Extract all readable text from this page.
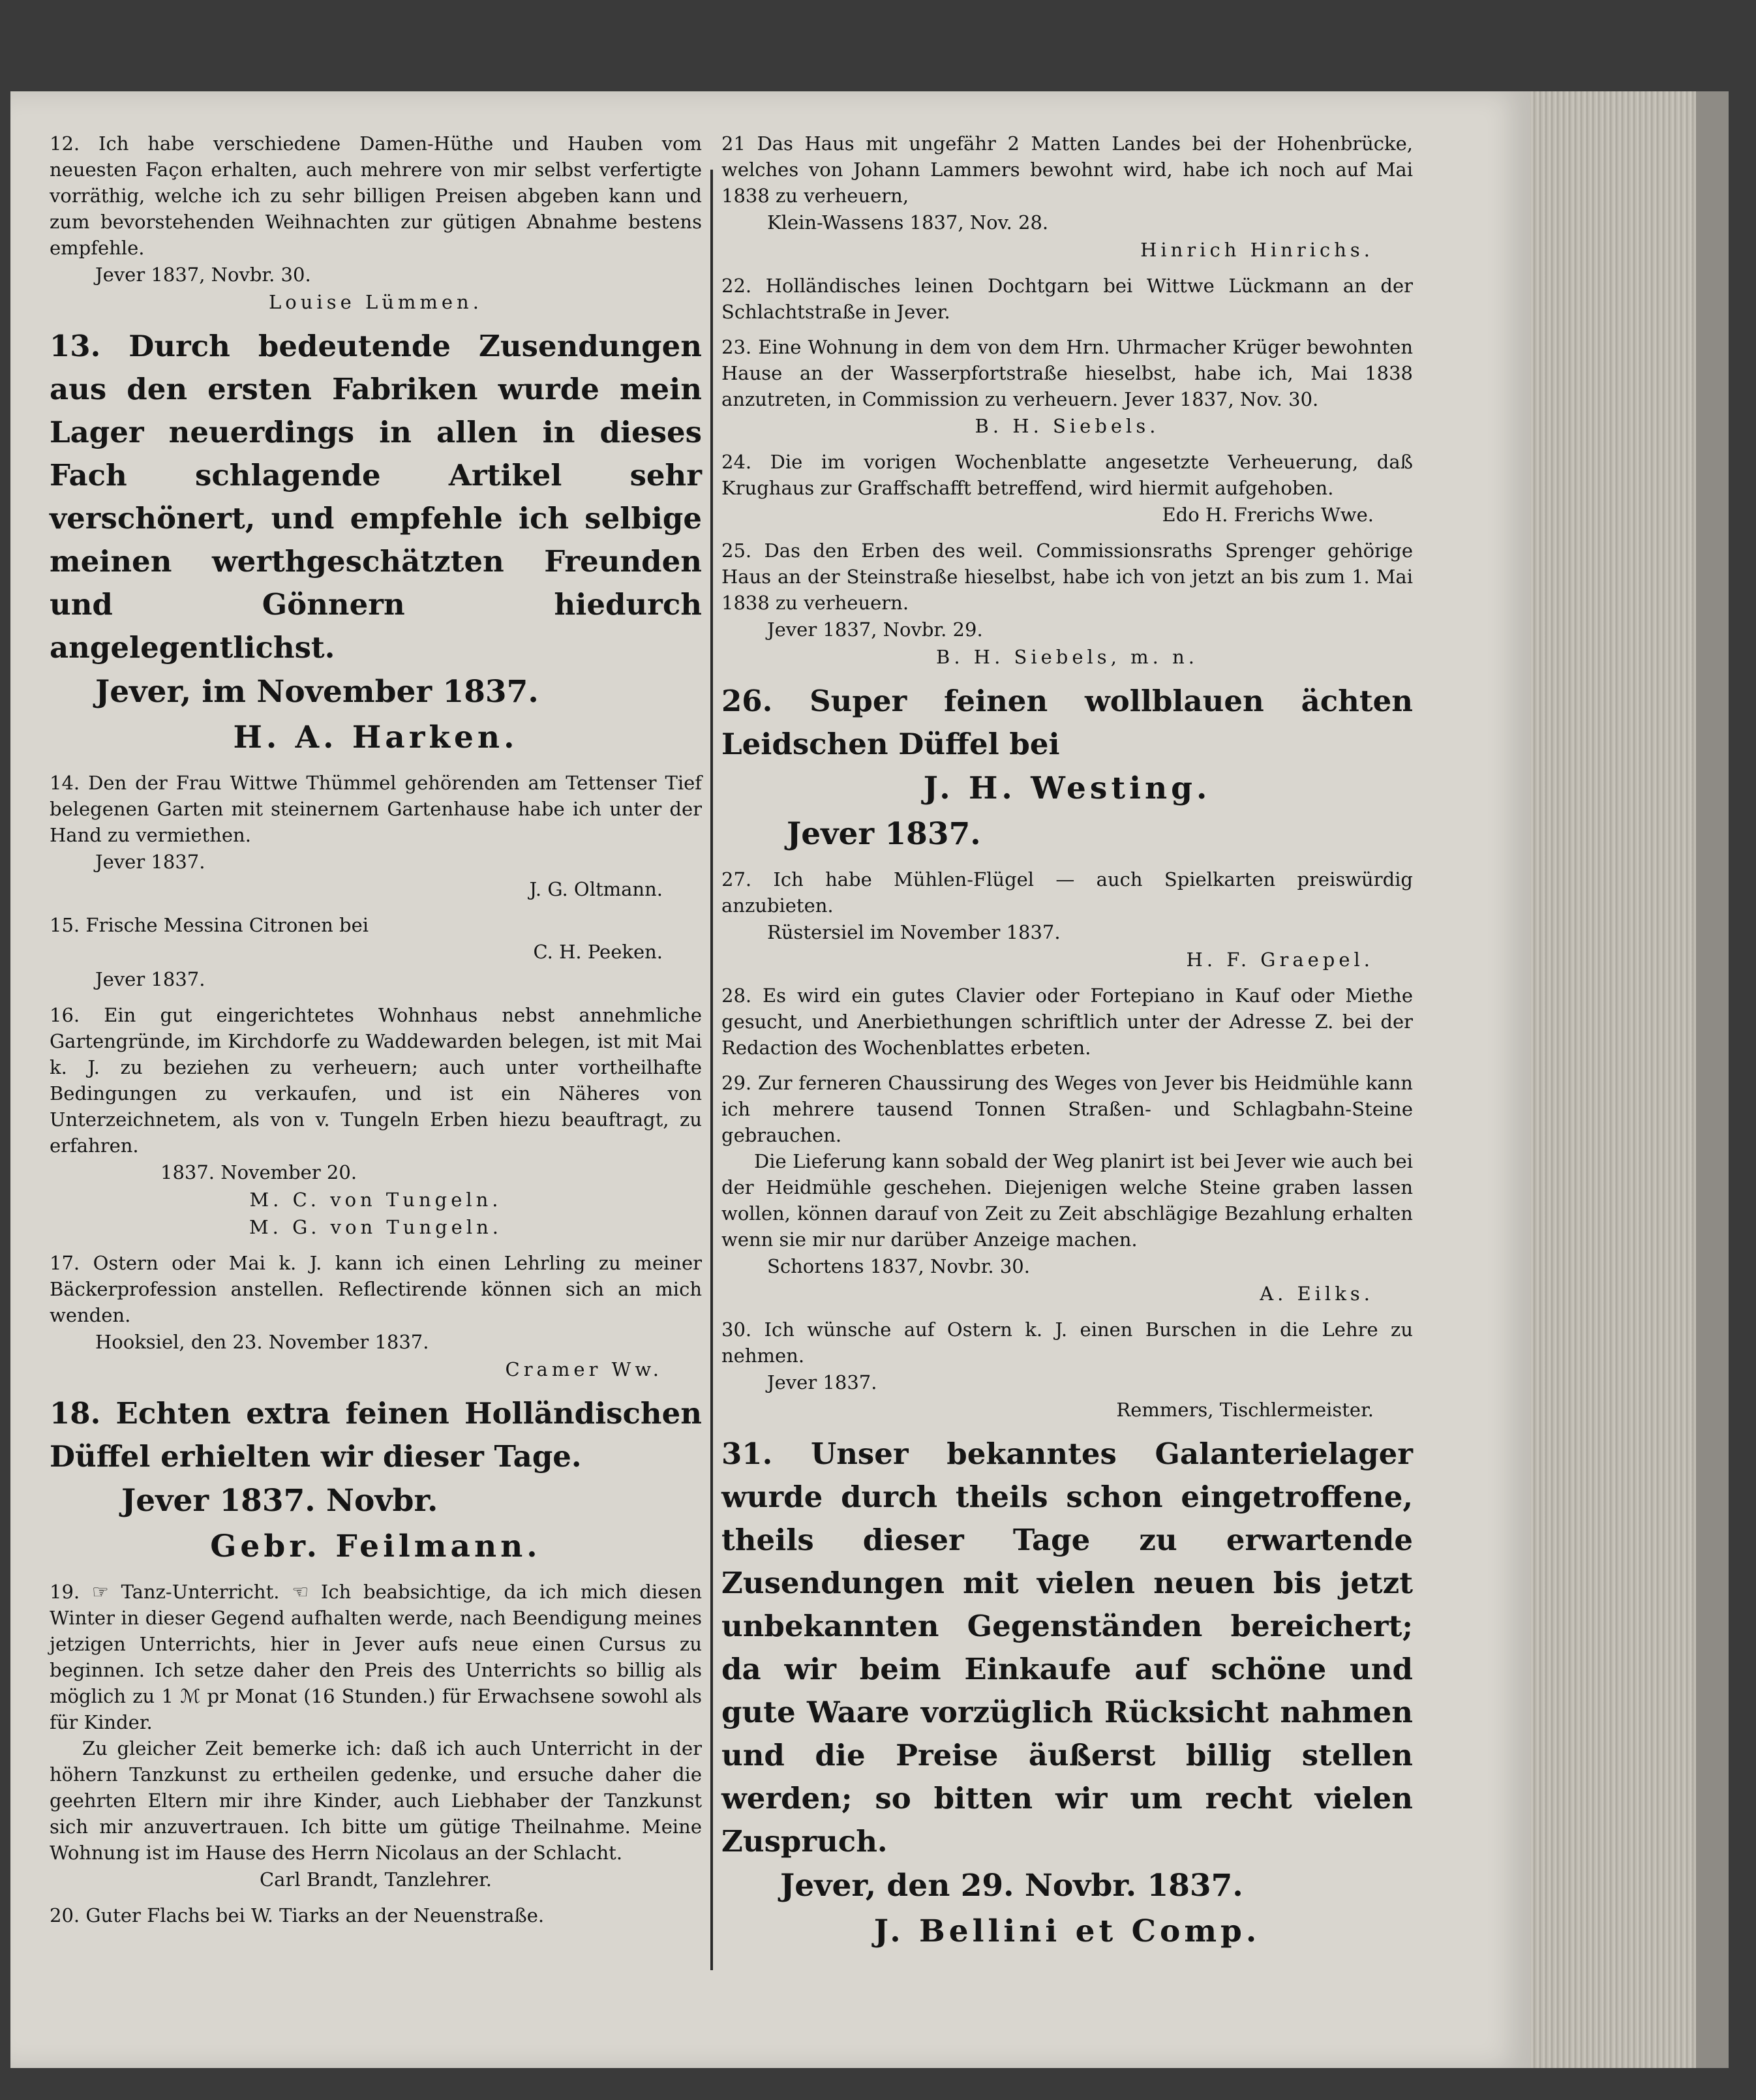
12. Ich habe verschiedene Damen-Hüthe und Hauben vom neuesten Façon erhalten, auch mehrere von mir selbst verfertigte vorräthig, welche ich zu sehr billigen Preisen abgeben kann und zum bevorstehenden Weihnachten zur gütigen Abnahme bestens empfehle.

Jever 1837, Novbr. 30.

Louise Lümmen.

13. Durch bedeutende Zusendungen aus den ersten Fabriken wurde mein Lager neuerdings in allen in dieses Fach schlagende Artikel sehr verschönert, und empfehle ich selbige meinen werthgeschätzten Freunden und Gönnern hiedurch angelegentlichst.

Jever, im November 1837.

H. A. Harken.

14. Den der Frau Wittwe Thümmel gehörenden am Tettenser Tief belegenen Garten mit steinernem Gartenhause habe ich unter der Hand zu vermiethen.

Jever 1837.

J. G. Oltmann.

15. Frische Messina Citronen bei

C. H. Peeken.

Jever 1837.

16. Ein gut eingerichtetes Wohnhaus nebst annehmliche Gartengründe, im Kirchdorfe zu Waddewarden belegen, ist mit Mai k. J. zu beziehen zu verheuern; auch unter vortheilhafte Bedingungen zu verkaufen, und ist ein Näheres von Unterzeichnetem, als von v. Tungeln Erben hiezu beauftragt, zu erfahren.

1837. November 20.

M. C. von Tungeln.

M. G. von Tungeln.

17. Ostern oder Mai k. J. kann ich einen Lehrling zu meiner Bäckerprofession anstellen. Reflectirende können sich an mich wenden.

Hooksiel, den 23. November 1837.

Cramer Ww.

18. Echten extra feinen Holländischen Düffel erhielten wir dieser Tage.

Jever 1837. Novbr.

Gebr. Feilmann.

19. ☞ Tanz-Unterricht. ☜ Ich beabsichtige, da ich mich diesen Winter in dieser Gegend aufhalten werde, nach Beendigung meines jetzigen Unterrichts, hier in Jever aufs neue einen Cursus zu beginnen. Ich setze daher den Preis des Unterrichts so billig als möglich zu 1 ℳ pr Monat (16 Stunden.) für Erwachsene sowohl als für Kinder.

Zu gleicher Zeit bemerke ich: daß ich auch Unterricht in der höhern Tanzkunst zu ertheilen gedenke, und ersuche daher die geehrten Eltern mir ihre Kinder, auch Liebhaber der Tanzkunst sich mir anzuvertrauen. Ich bitte um gütige Theilnahme. Meine Wohnung ist im Hause des Herrn Nicolaus an der Schlacht.

Carl Brandt, Tanzlehrer.

20. Guter Flachs bei W. Tiarks an der Neuenstraße.

21 Das Haus mit ungefähr 2 Matten Landes bei der Hohenbrücke, welches von Johann Lammers bewohnt wird, habe ich noch auf Mai 1838 zu verheuern,

Klein-Wassens 1837, Nov. 28.

Hinrich Hinrichs.

22. Holländisches leinen Dochtgarn bei Wittwe Lückmann an der Schlachtstraße in Jever.

23. Eine Wohnung in dem von dem Hrn. Uhrmacher Krüger bewohnten Hause an der Wasserpfortstraße hieselbst, habe ich, Mai 1838 anzutreten, in Commission zu verheuern. Jever 1837, Nov. 30.

B. H. Siebels.

24. Die im vorigen Wochenblatte angesetzte Verheuerung, daß Krughaus zur Graffschafft betreffend, wird hiermit aufgehoben.

Edo H. Frerichs Wwe.

25. Das den Erben des weil. Commissionsraths Sprenger gehörige Haus an der Steinstraße hieselbst, habe ich von jetzt an bis zum 1. Mai 1838 zu verheuern.

Jever 1837, Novbr. 29.

B. H. Siebels, m. n.

26. Super feinen wollblauen ächten Leidschen Düffel bei

J. H. Westing.

Jever 1837.

27. Ich habe Mühlen-Flügel — auch Spielkarten preiswürdig anzubieten.

Rüstersiel im November 1837.

H. F. Graepel.

28. Es wird ein gutes Clavier oder Fortepiano in Kauf oder Miethe gesucht, und Anerbiethungen schriftlich unter der Adresse Z. bei der Redaction des Wochenblattes erbeten.

29. Zur ferneren Chaussirung des Weges von Jever bis Heidmühle kann ich mehrere tausend Tonnen Straßen- und Schlagbahn-Steine gebrauchen.

Die Lieferung kann sobald der Weg planirt ist bei Jever wie auch bei der Heidmühle geschehen. Diejenigen welche Steine graben lassen wollen, können darauf von Zeit zu Zeit abschlägige Bezahlung erhalten wenn sie mir nur darüber Anzeige machen.

Schortens 1837, Novbr. 30.

A. Eilks.

30. Ich wünsche auf Ostern k. J. einen Burschen in die Lehre zu nehmen.

Jever 1837.

Remmers, Tischlermeister.

31. Unser bekanntes Galanterielager wurde durch theils schon eingetroffene, theils dieser Tage zu erwartende Zusendungen mit vielen neuen bis jetzt unbekannten Gegenständen bereichert; da wir beim Einkaufe auf schöne und gute Waare vorzüglich Rücksicht nahmen und die Preise äußerst billig stellen werden; so bitten wir um recht vielen Zuspruch.

Jever, den 29. Novbr. 1837.

J. Bellini et Comp.
